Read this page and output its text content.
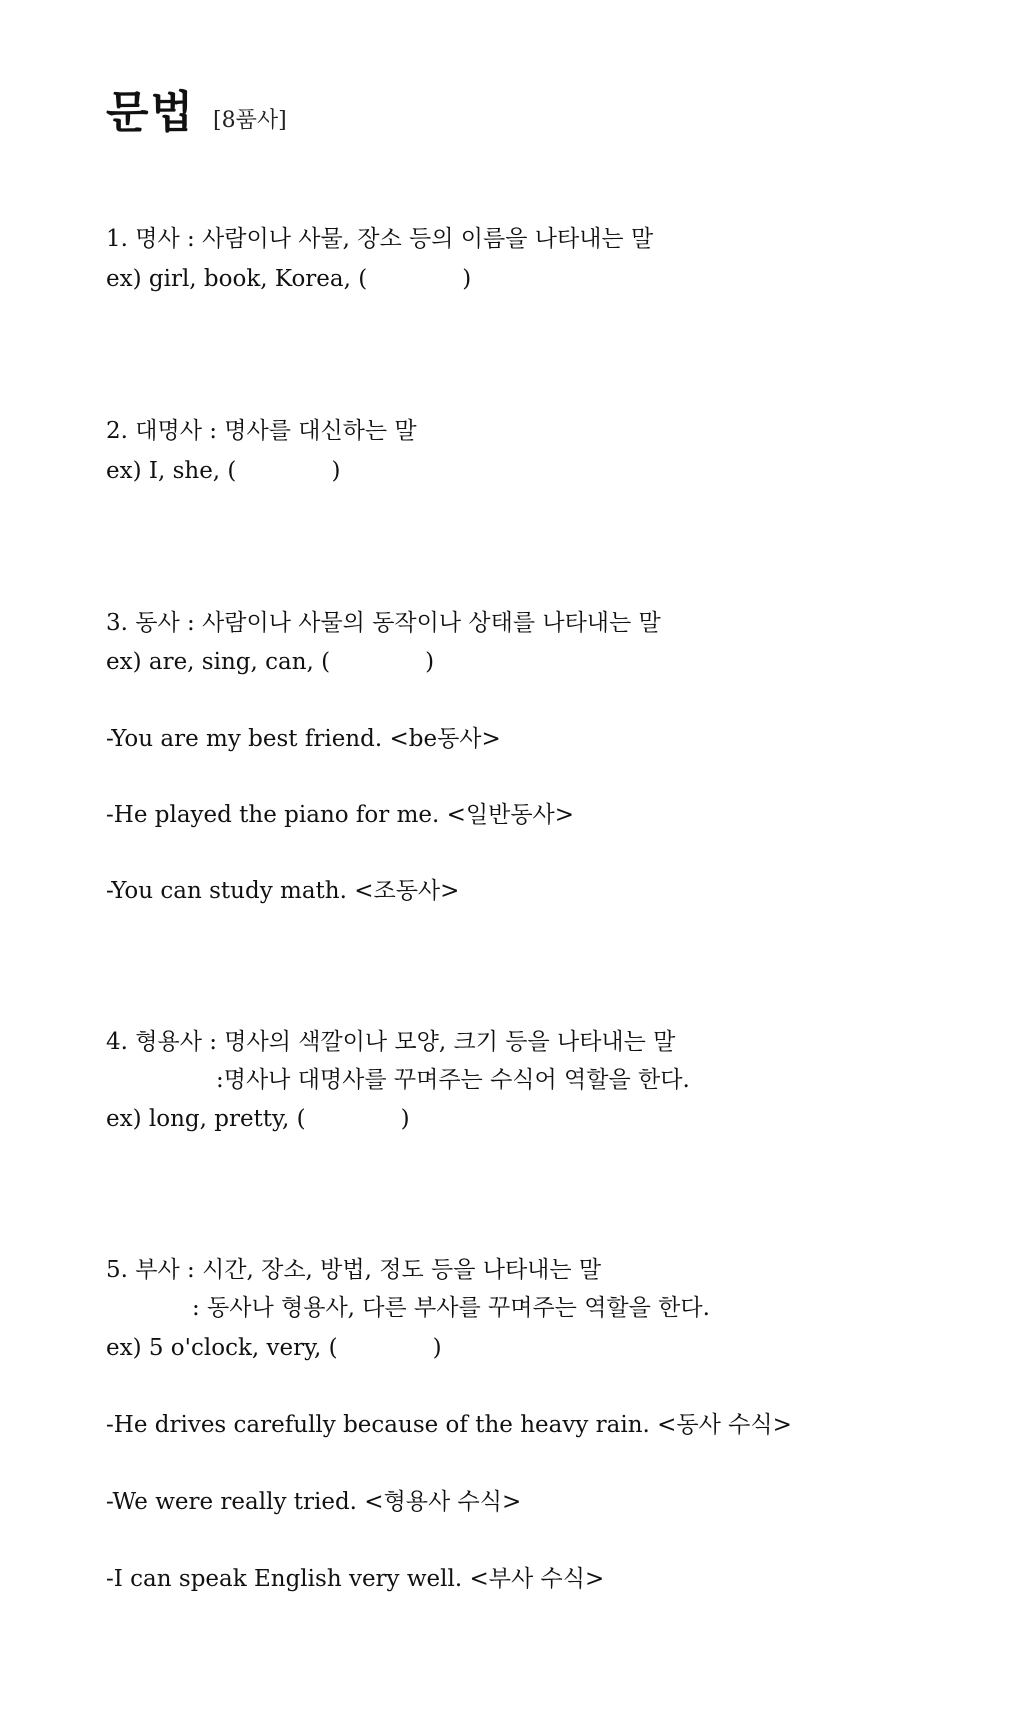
문법 [8품사]
1. 명사 : 사람이나 사물, 장소 등의 이름을 나타내는 말
ex) girl, book, Korea, (             )
2. 대명사 : 명사를 대신하는 말
ex) I, she, (             )
3. 동사 : 사람이나 사물의 동작이나 상태를 나타내는 말
ex) are, sing, can, (             )
-You are my best friend. <be동사>
-He played the piano for me. <일반동사>
-You can study math. <조동사>
4. 형용사 : 명사의 색깔이나 모양, 크기 등을 나타내는 말
:명사나 대명사를 꾸며주는 수식어 역할을 한다.
ex) long, pretty, (             )
5. 부사 : 시간, 장소, 방법, 정도 등을 나타내는 말
: 동사나 형용사, 다른 부사를 꾸며주는 역할을 한다.
ex) 5 o'clock, very, (             )
-He drives carefully because of the heavy rain. <동사 수식>
-We were really tried. <형용사 수식>
-I can speak English very well. <부사 수식>
